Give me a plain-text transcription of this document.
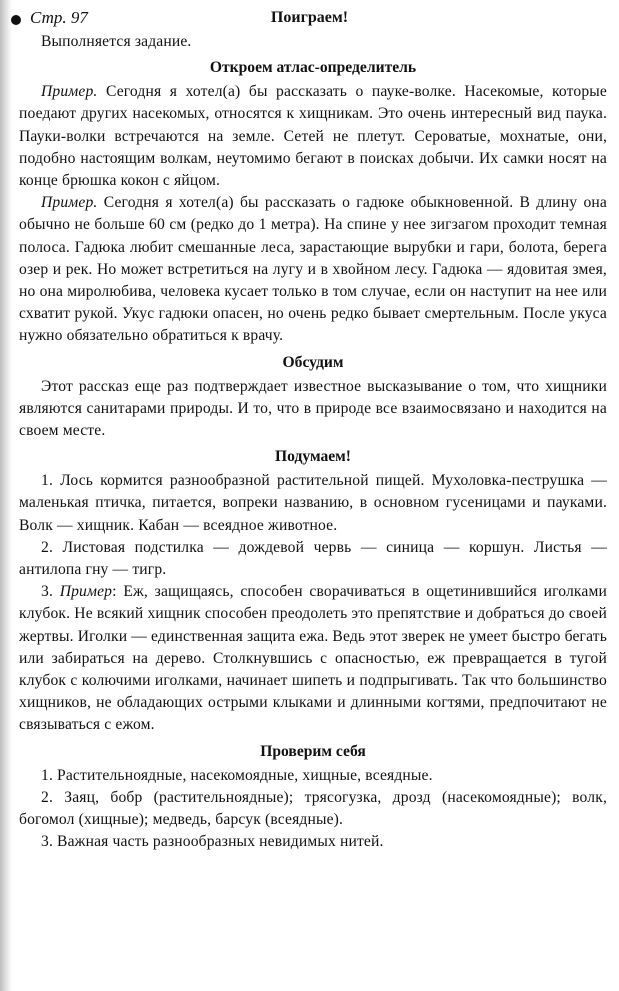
Стр. 97	Поиграем!

Выполняется задание.

Откроем атлас-определитель

Пример. Сегодня я хотел(а) бы рассказать о пауке-волке. Насекомые, которые поедают других насекомых, относятся к хищникам. Это очень интересный вид паука. Пауки-волки встречаются на земле. Сетей не плетут. Сероватые, мохнатые, они, подобно настоящим волкам, неутомимо бегают в поисках добычи. Их самки носят на конце брюшка кокон с яйцом.

Пример. Сегодня я хотел(а) бы рассказать о гадюке обыкновенной. В длину она обычно не больше 60 см (редко до 1 метра). На спине у нее зигзагом проходит темная полоса. Гадюка любит смешанные леса, зарастающие вырубки и гари, болота, берега озер и рек. Но может встретиться на лугу и в хвойном лесу. Гадюка — ядовитая змея, но она миролюбива, человека кусает только в том случае, если он наступит на нее или схватит рукой. Укус гадюки опасен, но очень редко бывает смертельным. После укуса нужно обязательно обратиться к врачу.

Обсудим

Этот рассказ еще раз подтверждает известное высказывание о том, что хищники являются санитарами природы. И то, что в природе все взаимосвязано и находится на своем месте.

Подумаем!

1. Лось кормится разнообразной растительной пищей. Мухоловка-пеструшка — маленькая птичка, питается, вопреки названию, в основном гусеницами и пауками. Волк — хищник. Кабан — всеядное животное.

2. Листовая подстилка — дождевой червь — синица — коршун. Листья — антилопа гну — тигр.

3. Пример: Еж, защищаясь, способен сворачиваться в ощетинившийся иголками клубок. Не всякий хищник способен преодолеть это препятствие и добраться до своей жертвы. Иголки — единственная защита ежа. Ведь этот зверек не умеет быстро бегать или забираться на дерево. Столкнувшись с опасностью, еж превращается в тугой клубок с колючими иголками, начинает шипеть и подпрыгивать. Так что большинство хищников, не обладающих острыми клыками и длинными когтями, предпочитают не связываться с ежом.

Проверим себя

1. Растительноядные, насекомоядные, хищные, всеядные.

2. Заяц, бобр (растительноядные); трясогузка, дрозд (насекомоядные); волк, богомол (хищные); медведь, барсук (всеядные).

3. Важная часть разнообразных невидимых нитей.
